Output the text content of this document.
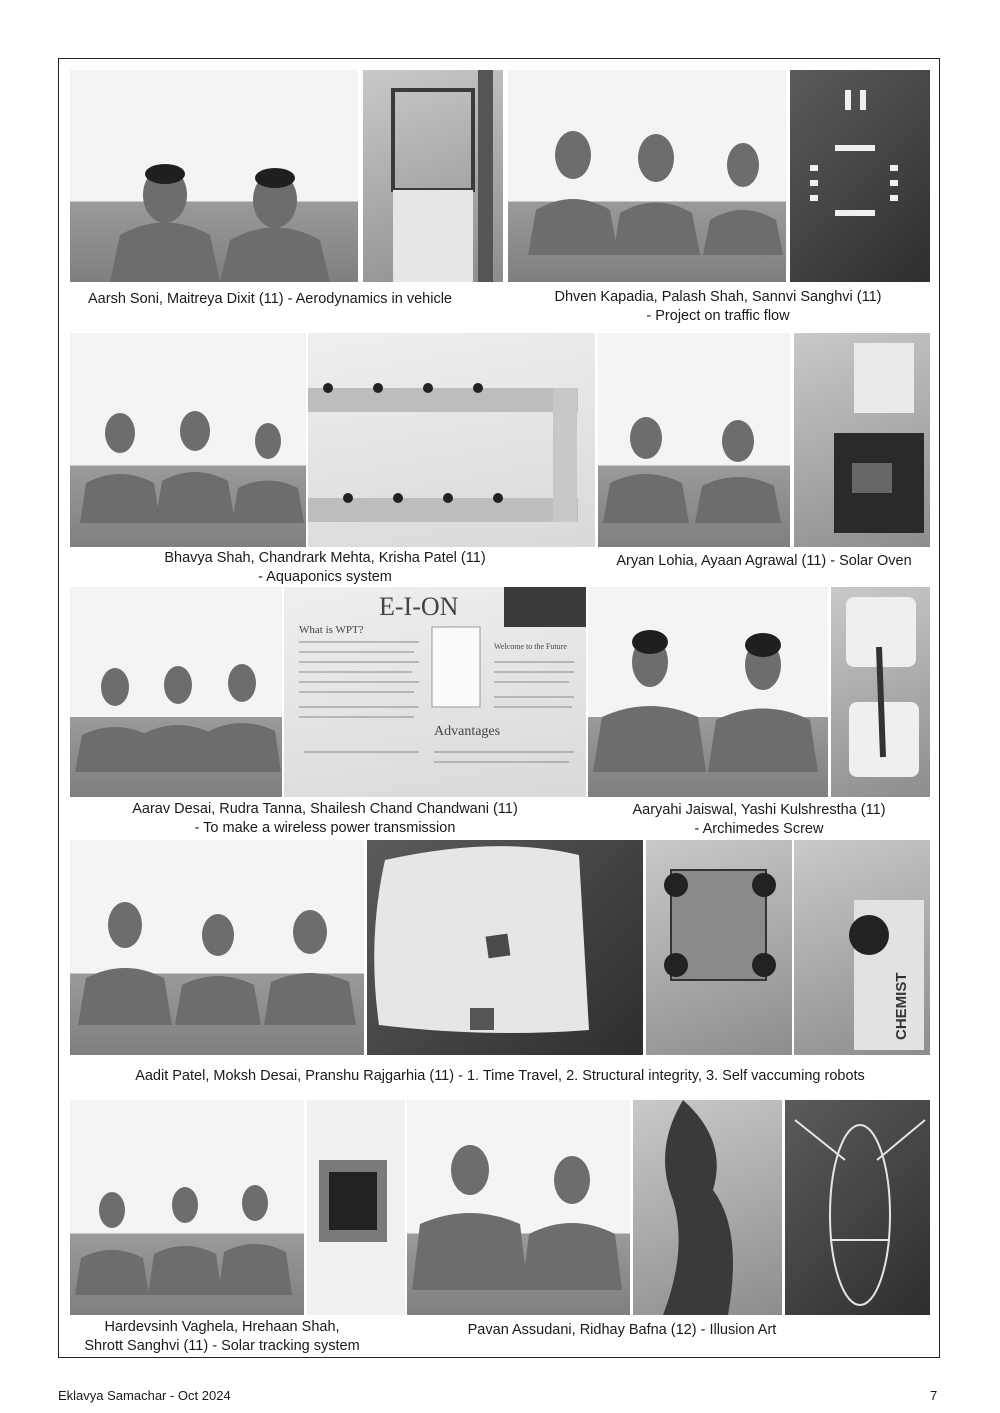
Aarsh Soni, Maitreya Dixit (11) - Aerodynamics in vehicle	Dhven Kapadia, Palash Shah, Sannvi Sanghvi (11)
- Project on traffic flow
Bhavya Shah, Chandrark Mehta, Krisha Patel (11)
- Aquaponics system
Aryan Lohia, Ayaan Agrawal (11) - Solar Oven
E-I-ON
What is WPT?
Advantages
Welcome to the Future
Aarav Desai, Rudra Tanna, Shailesh Chand Chandwani (11)
- To make a wireless power transmission
Aaryahi Jaiswal, Yashi Kulshrestha (11)
- Archimedes Screw
CHEMIST
Aadit Patel, Moksh Desai, Pranshu Rajgarhia (11) - 1. Time Travel, 2. Structural integrity, 3. Self vaccuming robots
Hardevsinh Vaghela, Hrehaan Shah,
Shrott Sanghvi (11) - Solar tracking system
Pavan Assudani, Ridhay Bafna (12) - Illusion Art
Eklavya Samachar - Oct 2024	7
